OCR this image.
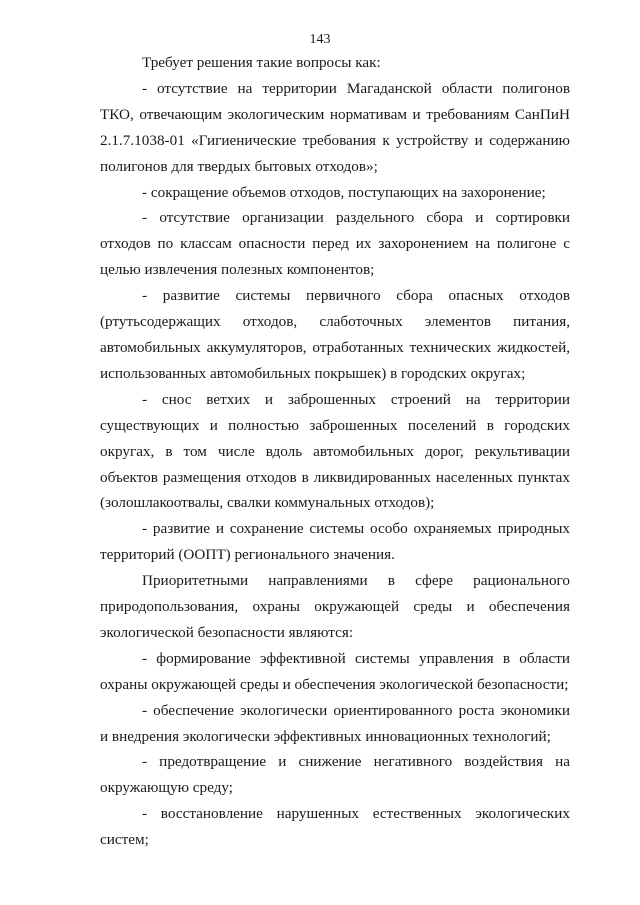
143

Требует решения такие вопросы как:

- отсутствие на территории Магаданской области полигонов ТКО, отвечающим экологическим нормативам и требованиям СанПиН 2.1.7.1038-01 «Гигиенические требования к устройству и содержанию полигонов для твердых бытовых отходов»;

- сокращение объемов отходов, поступающих на захоронение;

- отсутствие организации раздельного сбора и сортировки отходов по классам опасности перед их захоронением на полигоне с целью извлечения полезных компонентов;

- развитие системы первичного сбора опасных отходов (ртутьсодержащих отходов, слаботочных элементов питания, автомобильных аккумуляторов, отработанных технических жидкостей, использованных автомобильных покрышек) в городских округах;

- снос ветхих и заброшенных строений на территории существующих и полностью заброшенных поселений в городских округах, в том числе вдоль автомобильных дорог, рекультивации объектов размещения отходов в ликвидированных населенных пунктах (золошлакоотвалы, свалки коммунальных отходов);

- развитие и сохранение системы особо охраняемых природных территорий (ООПТ) регионального значения.

Приоритетными направлениями в сфере рационального природопользования, охраны окружающей среды и обеспечения экологической безопасности являются:

- формирование эффективной системы управления в области охраны окружающей среды и обеспечения экологической безопасности;

- обеспечение экологически ориентированного роста экономики и внедрения экологически эффективных инновационных технологий;

- предотвращение и снижение негативного воздействия на окружающую среду;

- восстановление нарушенных естественных экологических систем;
